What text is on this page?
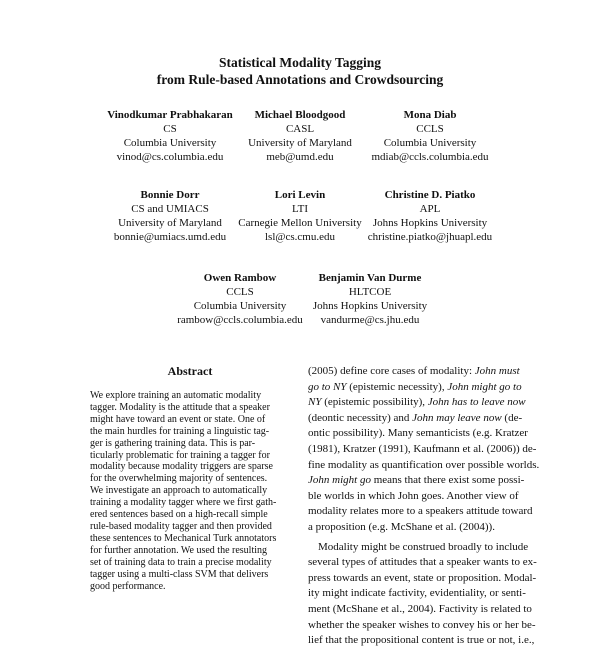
Statistical Modality Tagging
from Rule-based Annotations and Crowdsourcing
Vinodkumar Prabhakaran
CS
Columbia University
vinod@cs.columbia.edu
Michael Bloodgood
CASL
University of Maryland
meb@umd.edu
Mona Diab
CCLS
Columbia University
mdiab@ccls.columbia.edu
Bonnie Dorr
CS and UMIACS
University of Maryland
bonnie@umiacs.umd.edu
Lori Levin
LTI
Carnegie Mellon University
lsl@cs.cmu.edu
Christine D. Piatko
APL
Johns Hopkins University
christine.piatko@jhuapl.edu
Owen Rambow
CCLS
Columbia University
rambow@ccls.columbia.edu
Benjamin Van Durme
HLTCOE
Johns Hopkins University
vandurme@cs.jhu.edu
Abstract
We explore training an automatic modality
tagger. Modality is the attitude that a speaker
might have toward an event or state. One of
the main hurdles for training a linguistic tag-
ger is gathering training data. This is par-
ticularly problematic for training a tagger for
modality because modality triggers are sparse
for the overwhelming majority of sentences.
We investigate an approach to automatically
training a modality tagger where we first gath-
ered sentences based on a high-recall simple
rule-based modality tagger and then provided
these sentences to Mechanical Turk annotators
for further annotation. We used the resulting
set of training data to train a precise modality
tagger using a multi-class SVM that delivers
good performance.
(2005) define core cases of modality: John must
go to NY (epistemic necessity), John might go to
NY (epistemic possibility), John has to leave now
(deontic necessity) and John may leave now (de-
ontic possibility). Many semanticists (e.g. Kratzer
(1981), Kratzer (1991), Kaufmann et al. (2006)) de-
fine modality as quantification over possible worlds.
John might go means that there exist some possi-
ble worlds in which John goes. Another view of
modality relates more to a speakers attitude toward
a proposition (e.g. McShane et al. (2004)).
Modality might be construed broadly to include
several types of attitudes that a speaker wants to ex-
press towards an event, state or proposition. Modal-
ity might indicate factivity, evidentiality, or senti-
ment (McShane et al., 2004). Factivity is related to
whether the speaker wishes to convey his or her be-
lief that the propositional content is true or not, i.e.,
